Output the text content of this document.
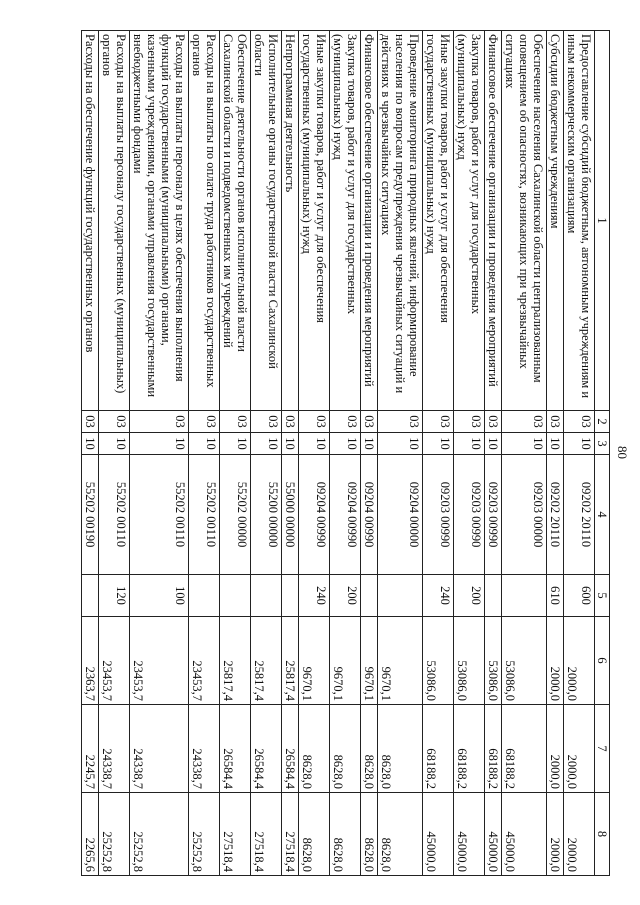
80
1	2	3	4	5	6	7	8
Предоставление субсидий бюджетным, автономным учреждениям и иным некоммерческим организациям	03	10	09202 20110	600	2000,0	2000,0	2000,0
Субсидии бюджетным учреждениям	03	10	09202 20110	610	2000,0	2000,0	2000,0
Обеспечение населения Сахалинской области централизованным оповещением об опасностях, возникающих при чрезвычайных ситуациях	03	10	09203 00000		53086,0	68188,2	45000,0
Финансовое обеспечение организации и проведения мероприятий	03	10	09203 00990		53086,0	68188,2	45000,0
Закупка товаров, работ и услуг для государственных (муниципальных) нужд	03	10	09203 00990	200	53086,0	68188,2	45000,0
Иные закупки товаров, работ и услуг для обеспечения государственных (муниципальных) нужд	03	10	09203 00990	240	53086,0	68188,2	45000,0
Проведение мониторинга природных явлений, информирование населения по вопросам предупреждения чрезвычайных ситуаций и действиях в чрезвычайных ситуациях	03	10	09204 00000		9670,1	8628,0	8628,0
Финансовое обеспечение организации и проведения мероприятий	03	10	09204 00990		9670,1	8628,0	8628,0
Закупка товаров, работ и услуг для государственных (муниципальных) нужд	03	10	09204 00990	200	9670,1	8628,0	8628,0
Иные закупки товаров, работ и услуг для обеспечения государственных (муниципальных) нужд	03	10	09204 00990	240	9670,1	8628,0	8628,0
Непрограммная деятельность	03	10	55000 00000		25817,4	26584,4	27518,4
Исполнительные органы государственной власти Сахалинской области	03	10	55200 00000		25817,4	26584,4	27518,4
Обеспечение деятельности органов исполнительной власти Сахалинской области и подведомственных им учреждений	03	10	55202 00000		25817,4	26584,4	27518,4
Расходы на выплаты по оплате труда работников государственных органов	03	10	55202 00110		23453,7	24338,7	25252,8
Расходы на выплаты персоналу в целях обеспечения выполнения функций государственными (муниципальными) органами, казенными учреждениями, органами управления государственными внебюджетными фондами	03	10	55202 00110	100	23453,7	24338,7	25252,8
Расходы на выплаты персоналу государственных (муниципальных) органов	03	10	55202 00110	120	23453,7	24338,7	25252,8
Расходы на обеспечение функций государственных органов	03	10	55202 00190		2363,7	2245,7	2265,6
